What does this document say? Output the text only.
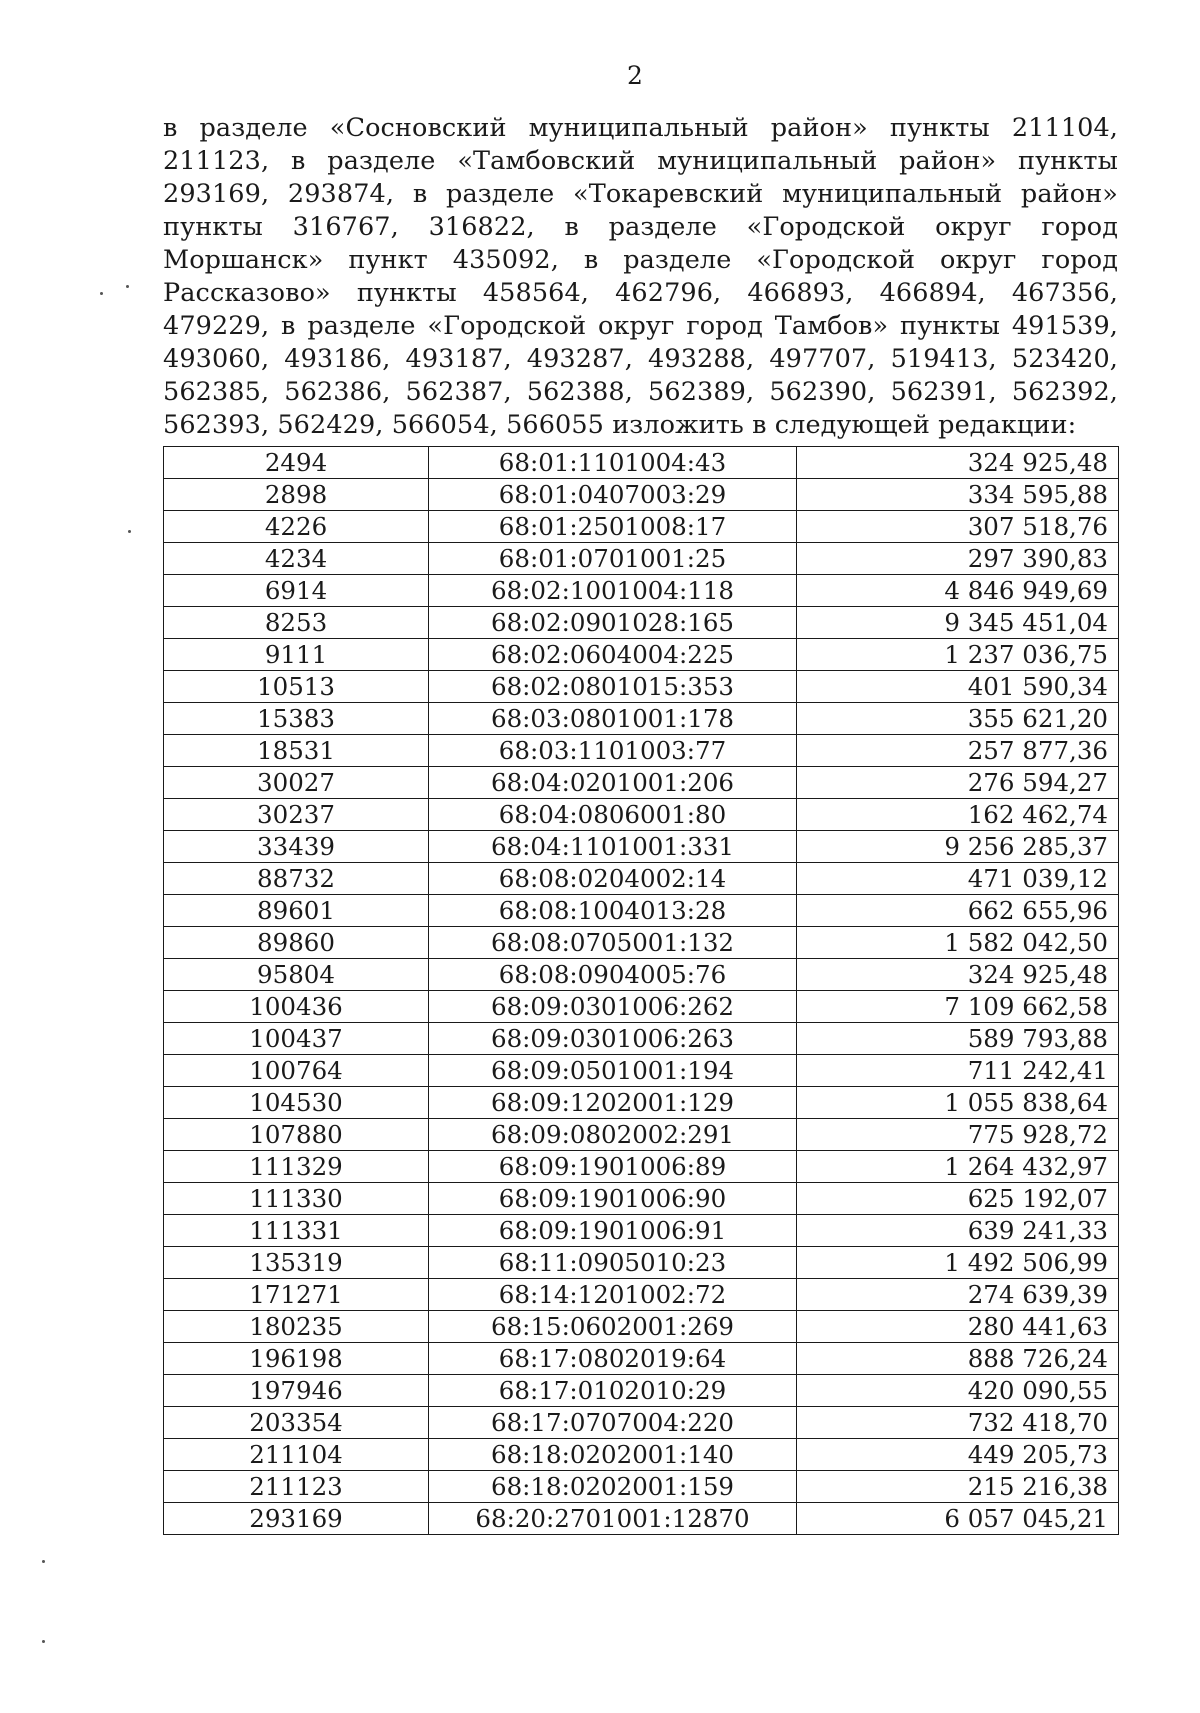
2

в разделе «Сосновский муниципальный район» пункты 211104, 211123, в разделе «Тамбовский муниципальный район» пункты 293169, 293874, в разделе «Токаревский муниципальный район» пункты 316767, 316822, в разделе «Городской округ город Моршанск» пункт 435092, в разделе «Городской округ город Рассказово» пункты 458564, 462796, 466893, 466894, 467356, 479229, в разделе «Городской округ город Тамбов» пункты 491539, 493060, 493186, 493187, 493287, 493288, 497707, 519413, 523420, 562385, 562386, 562387, 562388, 562389, 562390, 562391, 562392, 562393, 562429, 566054, 566055 изложить в следующей редакции:

2494	68:01:1101004:43	324 925,48
2898	68:01:0407003:29	334 595,88
4226	68:01:2501008:17	307 518,76
4234	68:01:0701001:25	297 390,83
6914	68:02:1001004:118	4 846 949,69
8253	68:02:0901028:165	9 345 451,04
9111	68:02:0604004:225	1 237 036,75
10513	68:02:0801015:353	401 590,34
15383	68:03:0801001:178	355 621,20
18531	68:03:1101003:77	257 877,36
30027	68:04:0201001:206	276 594,27
30237	68:04:0806001:80	162 462,74
33439	68:04:1101001:331	9 256 285,37
88732	68:08:0204002:14	471 039,12
89601	68:08:1004013:28	662 655,96
89860	68:08:0705001:132	1 582 042,50
95804	68:08:0904005:76	324 925,48
100436	68:09:0301006:262	7 109 662,58
100437	68:09:0301006:263	589 793,88
100764	68:09:0501001:194	711 242,41
104530	68:09:1202001:129	1 055 838,64
107880	68:09:0802002:291	775 928,72
111329	68:09:1901006:89	1 264 432,97
111330	68:09:1901006:90	625 192,07
111331	68:09:1901006:91	639 241,33
135319	68:11:0905010:23	1 492 506,99
171271	68:14:1201002:72	274 639,39
180235	68:15:0602001:269	280 441,63
196198	68:17:0802019:64	888 726,24
197946	68:17:0102010:29	420 090,55
203354	68:17:0707004:220	732 418,70
211104	68:18:0202001:140	449 205,73
211123	68:18:0202001:159	215 216,38
293169	68:20:2701001:12870	6 057 045,21
